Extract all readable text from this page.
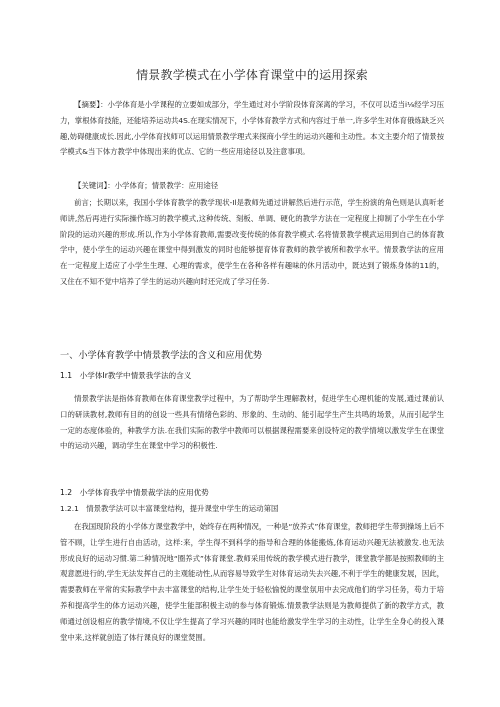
情景教学模式在小学体育课堂中的运用探索
【摘要】：小学体育是小学课程的立要如成部分，学生通过对小学阶段体育深离的学习，不仅可以适当i⅛经学习压力，掌根体育技能，还能培养运动共4S.在现实情况下，小学体育教学方式和内容过于单一,许多学生对体育俄炼缺乏兴趣,妨碍健康成长.因此,小学体育找师可以运用情景教学理式来探商小学生的运动兴趣和主动性。本文主要介绍了情景按学模式&当下体方教学中体现出来的优点、它的一些应用途径以及注意事项。
【关键词】：小学体育；情景教学：应用途径
前言；长期以来，我国小学体育教学的教学现状-Il是教师先通过讲解然后进行示范，学生扮演的角色则是认真听老师讲,然后再进行实际操作练习的教学模式,这种传统、刻板、单调、硬化的教学方法在一定程度上抑制了小学生在小学阶段的运动兴趣的形成.所以,作为小学体育教师,需要改变传统的体育教学模式.名将情景教学模武运用到自己的体育教学中，使小学生的运动兴趣在课堂中得到激发的同时也能够提育体育教师的教学被所和教学水平。情景教学法的应用在一定程度上适应了小学生生理、心理的需求，使学生在各种各样有趣味的休月活动中，既达到了锻炼身体的11的，又住在不知不觉中培养了学生的运动兴趣向时还完成了学习任务.
一、小学体育教学中情景教学法的含义和应用优势
1.1　小学体Ir教学中情景我学法的含义
情景教学法是指体育教师在体育课堂教学过程中，为了帮助学生理解教材，促进学生心理机能的发展,通过课前认口的研读教材,教师有目的的创设一些具有情绪色彩的、形象的、生动的、能引起学生产生共鸣的场景，从而引起学生一定的态度体验的，种教学方法.在我们实际的教学中教师可以根据课程需要来创设特定的教学情境以激发学生在课堂中的运动兴趣，调动学生在课堂中学习的积极性.
1.2　小学体育我学中情景裁学法的应用优势
1.2.1　情景教学法可以丰富课堂结构，提升课堂中学生的运动第国
在我国现阶段的小学体方课堂教学中，始终存在两种情况，一种是“放养式”体育课堂，教师把学生带到操场上后不管不顾，让学生进行自由活动，这样:来，学生得不到科学的指导和合理的体能搬炼,体育运动兴趣无法被激发.也无法形成良好的运动习惯.第二种情况地“圈养式”体育课堂.教师采用传统的教学模式进行教学，课堂教学都是按照教师的主观意愿进行的,学生无法发挥自己的主观能动性,从而容易导致学生对体育运动失去兴趣,不利于学生的健康发展，因此，需要教师在平常的实际教学中去丰富课堂的结构,让学生处于轻松愉悦的课堂氛用中去完成他们的学习任务，苟力于培养和提高学生的体方运动兴趣，使学生能部积极主动的参与体育锻炼.情景教学法则是为教师提供了新的教学方式，教师通过创设相应的教学情境,不仅让学生提高了学习兴趣的同时也能给激发学生学习的主动性，让学生全身心的投入课堂中来,这样就创造了体行课良好的课堂焚围。
